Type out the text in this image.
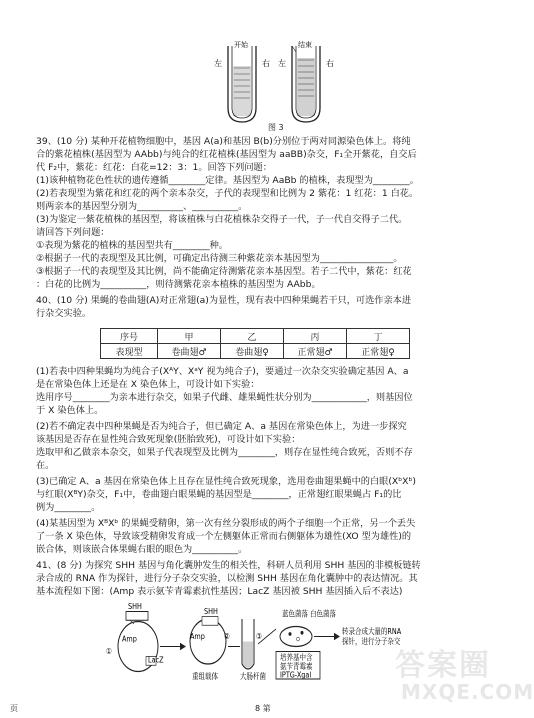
开始	结束
左	右 左	右
图 3
39、(10 分) 某种开花植物细胞中，基因 A(a)和基因 B(b)分别位于两对同源染色体上。将纯
合的紫花植株(基因型为 AAbb)与纯合的红花植株(基因型为 aaBB)杂交，F₁全开紫花，自交后
代 F₂中，紫花：红花：白花=12：3：1。回答下列问题：
(1)该种植物花色性状的遗传遵循________定律。基因型为 AaBb 的植株，表现型为________。
(2)若表现型为紫花和红花的两个亲本杂交，子代的表现型和比例为 2 紫花：1 红花：1 白花。
则两亲本的基因型分别为__________、__________。
(3)为鉴定一紫花植株的基因型，将该植株与白花植株杂交得子一代，子一代自交得子二代。
请回答下列问题：
①表现为紫花的植株的基因型共有________种。
②根据子一代的表现型及其比例，可确定出待测三种紫花亲本基因型为________________。
③根据子一代的表现型及其比例，尚不能确定待测紫花亲本基因型。若子二代中，紫花：红花
：白花的比例为__________，则待测紫花亲本植株的基因型为 AAbb。
40、(10 分) 果蝇的卷曲翅(A)对正常翅(a)为显性，现有表中四种果蝇若干只，可选作亲本进
行杂交实验。
序号	甲	乙	丙	丁
表现型	卷曲翅♂	卷曲翅♀	正常翅♂	正常翅♀
(1)若表中四种果蝇均为纯合子(XᴬY、XᵃY 视为纯合子)，要通过一次杂交实验确定基因 A、a
是在常染色体上还是在 X 染色体上，可设计如下实验：
选用序号________为亲本进行杂交，如果子代雌、雄果蝇性状分别为____________，则基因位
于 X 染色体上。
(2)若不确定表中四种果蝇是否为纯合子，但已确定 A、a 基因在常染色体上，为进一步探究
该基因是否存在显性纯合致死现象(胚胎致死)，可设计如下实验：
选取甲和乙做亲本杂交，如果子代表现型及比例为________，则存在显性纯合致死，否则不存
在。
(3)已确定 A、a 基因在常染色体上且存在显性纯合致死现象，选用卷曲翅果蝇中的白眼(XᵇXᵇ)
与红眼(XᴮY)杂交，F₁中，卷曲翅白眼果蝇的基因型是________，正常翅红眼果蝇占 F₁的比
例为________。
(4)某基因型为 XᴮXᵇ 的果蝇受精卵，第一次有丝分裂形成的两个子细胞一个正常，另一个丢失
了一条 X 染色体，导致该受精卵发育成一个左侧躯体正常而右侧躯体为雄性(XO 型为雄性)的
嵌合体，则该嵌合体果蝇右眼的眼色为__________。
41、(8 分) 为探究 SHH 基因与角化囊肿发生的相关性，科研人员利用 SHH 基因的非模板链转
录合成的 RNA 作为探针，进行分子杂交实验，以检测 SHH 基因在角化囊肿中的表达情况。其
基本流程如下图：(Amp 表示氨苄青霉素抗性基因；LacZ 基因被 SHH 基因插入后不表达)
SHH
Amp
LacZ
①
SHH
Amp
重组载体
②
大肠杆菌
③
蓝色菌落 白色菌落
培养基中含
氨苄青霉素
IPTG-Xgal
转录合成大量的RNA
探针，进行分子杂交
答案圈
MXQE.COM
页	8 第
